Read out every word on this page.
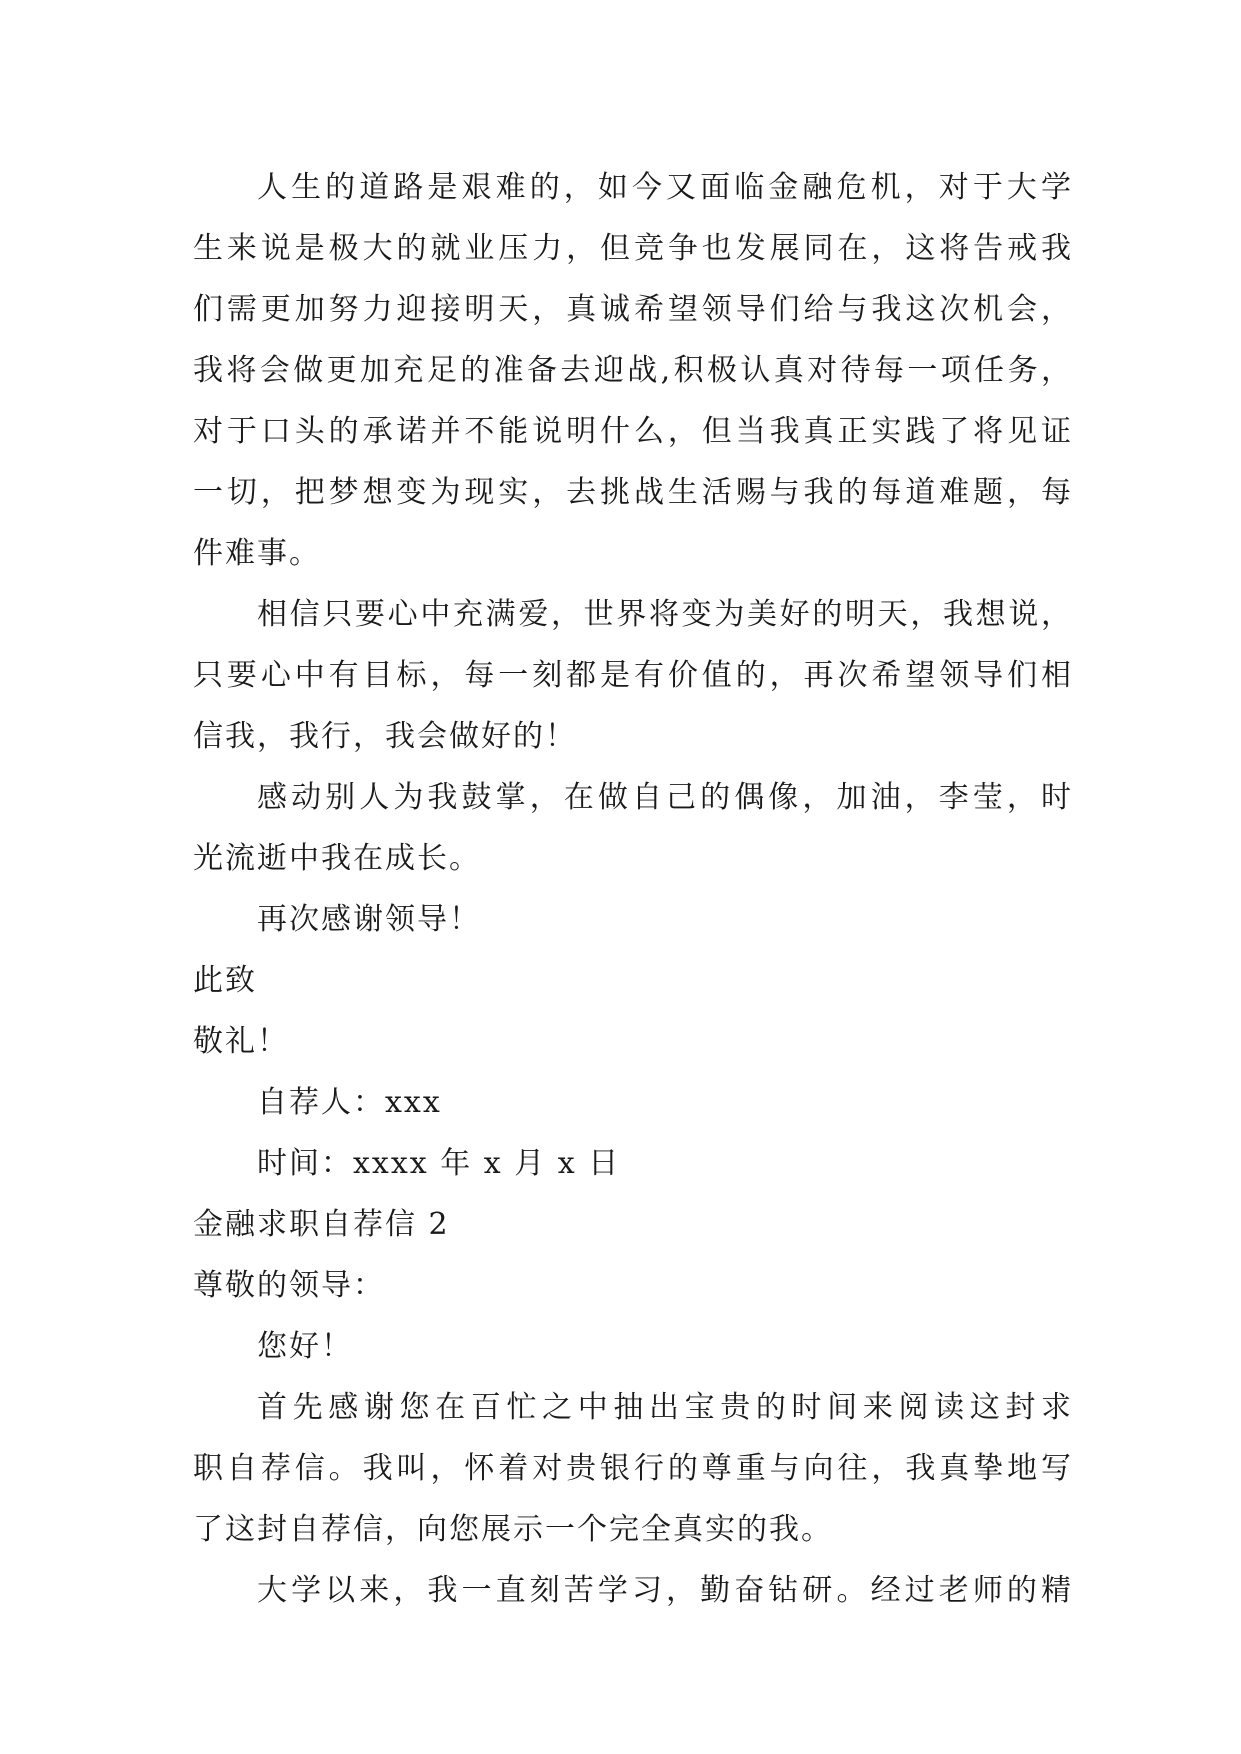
人生的道路是艰难的，如今又面临金融危机，对于大学
生来说是极大的就业压力，但竞争也发展同在，这将告戒我
们需更加努力迎接明天，真诚希望领导们给与我这次机会，
我将会做更加充足的准备去迎战,积极认真对待每一项任务，
对于口头的承诺并不能说明什么，但当我真正实践了将见证
一切，把梦想变为现实，去挑战生活赐与我的每道难题，每
件难事。
相信只要心中充满爱，世界将变为美好的明天，我想说，
只要心中有目标，每一刻都是有价值的，再次希望领导们相
信我，我行，我会做好的！
感动别人为我鼓掌，在做自己的偶像，加油，李莹，时
光流逝中我在成长。
再次感谢领导！
此致
敬礼！
自荐人：xxx
时间：xxxx 年 x 月 x 日
金融求职自荐信 2
尊敬的领导：
您好！
首先感谢您在百忙之中抽出宝贵的时间来阅读这封求
职自荐信。我叫，怀着对贵银行的尊重与向往，我真挚地写
了这封自荐信，向您展示一个完全真实的我。
大学以来，我一直刻苦学习，勤奋钻研。经过老师的精
